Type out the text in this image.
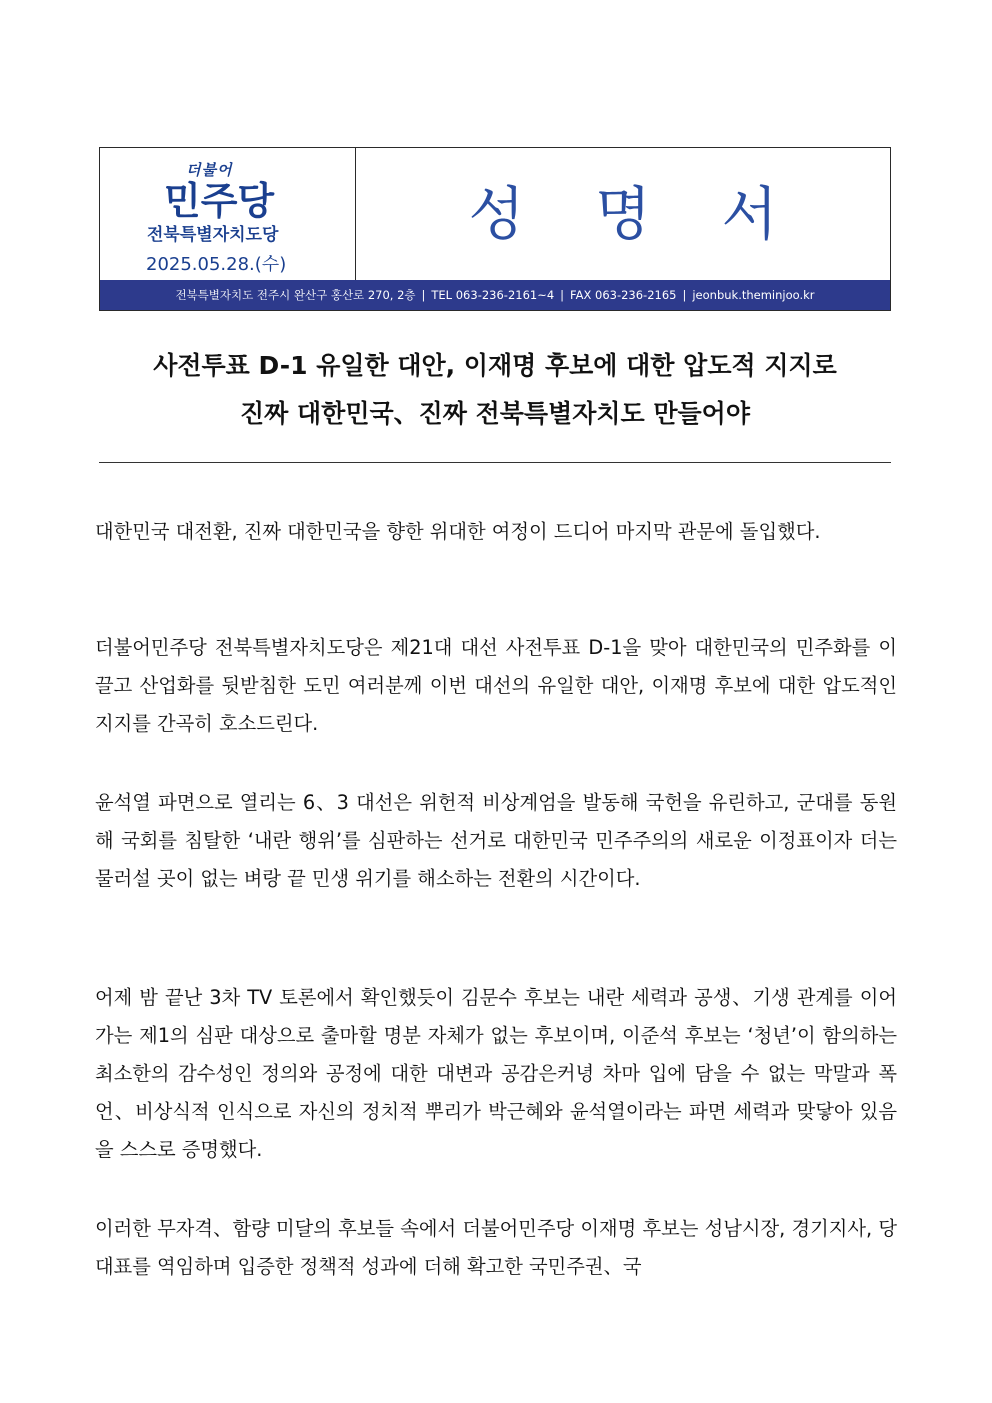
더불어
민주당
전북특별자치도당
2025.05.28.(수)
성 명 서
전북특별자치도 전주시 완산구 홍산로 270, 2층 | TEL 063-236-2161~4 | FAX 063-236-2165 | jeonbuk.theminjoo.kr
사전투표 D-1 유일한 대안, 이재명 후보에 대한 압도적 지지로
진짜 대한민국、진짜 전북특별자치도 만들어야

대한민국 대전환, 진짜 대한민국을 향한 위대한 여정이 드디어 마지막 관문에 돌입했다.

더불어민주당 전북특별자치도당은 제21대 대선 사전투표 D-1을 맞아 대한민국의 민주화를 이끌고 산업화를 뒷받침한 도민 여러분께 이번 대선의 유일한 대안, 이재명 후보에 대한 압도적인 지지를 간곡히 호소드린다.

윤석열 파면으로 열리는 6、3 대선은 위헌적 비상계엄을 발동해 국헌을 유린하고, 군대를 동원해 국회를 침탈한 ‘내란 행위’를 심판하는 선거로 대한민국 민주주의의 새로운 이정표이자 더는 물러설 곳이 없는 벼랑 끝 민생 위기를 해소하는 전환의 시간이다.

어제 밤 끝난 3차 TV 토론에서 확인했듯이 김문수 후보는 내란 세력과 공생、기생 관계를 이어가는 제1의 심판 대상으로 출마할 명분 자체가 없는 후보이며, 이준석 후보는 ‘청년’이 함의하는 최소한의 감수성인 정의와 공정에 대한 대변과 공감은커녕 차마 입에 담을 수 없는 막말과 폭언、비상식적 인식으로 자신의 정치적 뿌리가 박근혜와 윤석열이라는 파면 세력과 맞닿아 있음을 스스로 증명했다.

이러한 무자격、함량 미달의 후보들 속에서 더불어민주당 이재명 후보는 성남시장, 경기지사, 당대표를 역임하며 입증한 정책적 성과에 더해 확고한 국민주권、국
